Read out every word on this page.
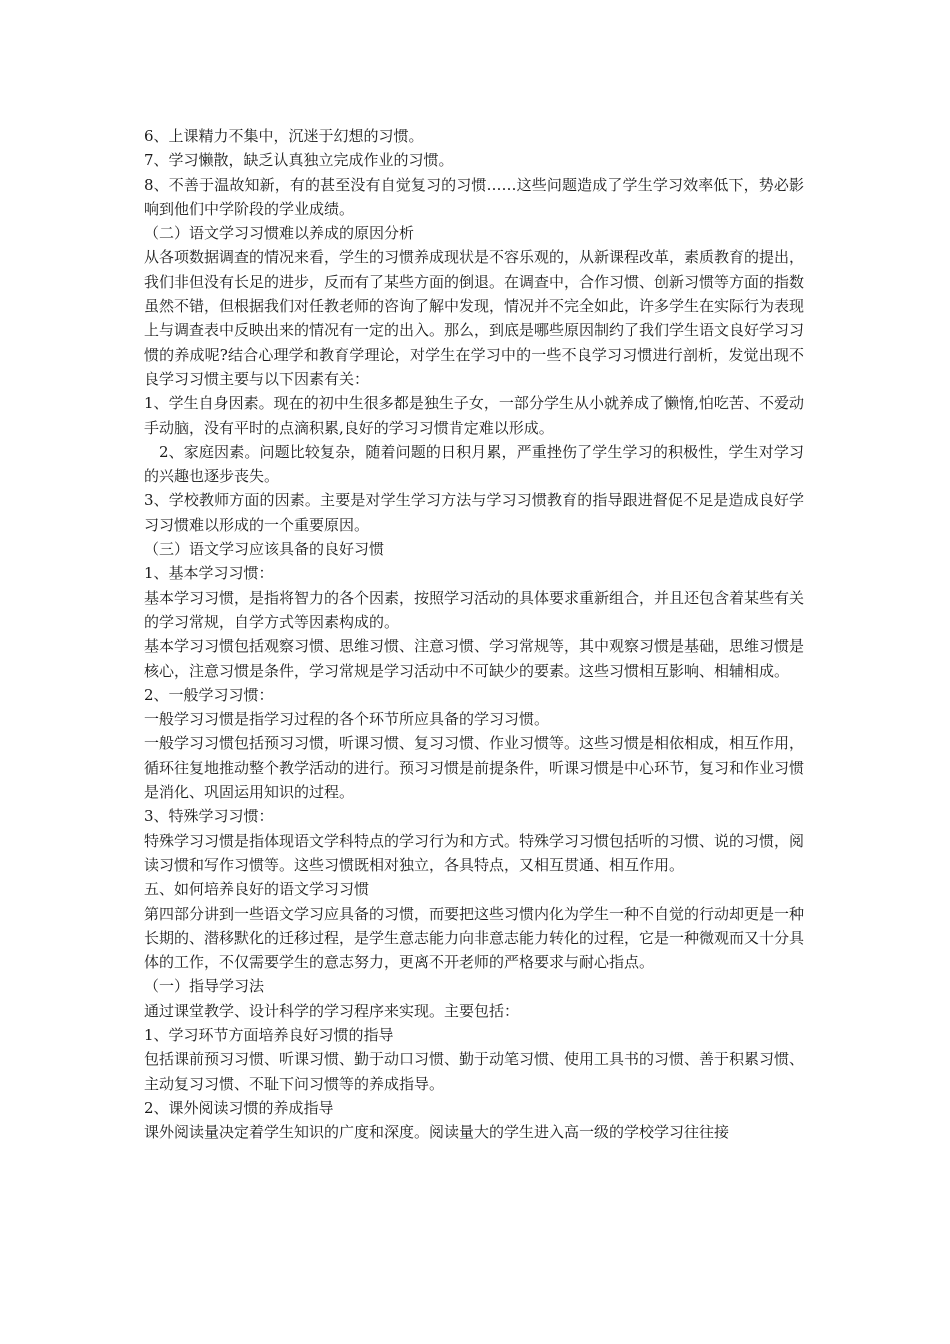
6、上课精力不集中，沉迷于幻想的习惯。

7、学习懒散，缺乏认真独立完成作业的习惯。

8、不善于温故知新，有的甚至没有自觉复习的习惯……这些问题造成了学生学习效率低下，势必影响到他们中学阶段的学业成绩。

（二）语文学习习惯难以养成的原因分析

从各项数据调查的情况来看，学生的习惯养成现状是不容乐观的，从新课程改革，素质教育的提出，我们非但没有长足的进步，反而有了某些方面的倒退。在调查中，合作习惯、创新习惯等方面的指数虽然不错，但根据我们对任教老师的咨询了解中发现，情况并不完全如此，许多学生在实际行为表现上与调查表中反映出来的情况有一定的出入。那么，到底是哪些原因制约了我们学生语文良好学习习惯的养成呢?结合心理学和教育学理论，对学生在学习中的一些不良学习习惯进行剖析，发觉出现不良学习习惯主要与以下因素有关：

1、学生自身因素。现在的初中生很多都是独生子女，一部分学生从小就养成了懒惰,怕吃苦、不爱动手动脑，没有平时的点滴积累,良好的学习习惯肯定难以形成。

2、家庭因素。问题比较复杂，随着问题的日积月累，严重挫伤了学生学习的积极性，学生对学习的兴趣也逐步丧失。

3、学校教师方面的因素。主要是对学生学习方法与学习习惯教育的指导跟进督促不足是造成良好学习习惯难以形成的一个重要原因。

（三）语文学习应该具备的良好习惯

1、基本学习习惯：

基本学习习惯，是指将智力的各个因素，按照学习活动的具体要求重新组合，并且还包含着某些有关的学习常规，自学方式等因素构成的。

基本学习习惯包括观察习惯、思维习惯、注意习惯、学习常规等，其中观察习惯是基础，思维习惯是核心，注意习惯是条件，学习常规是学习活动中不可缺少的要素。这些习惯相互影响、相辅相成。

2、一般学习习惯：

一般学习习惯是指学习过程的各个环节所应具备的学习习惯。

一般学习习惯包括预习习惯，听课习惯、复习习惯、作业习惯等。这些习惯是相依相成，相互作用，循环往复地推动整个教学活动的进行。预习习惯是前提条件，听课习惯是中心环节，复习和作业习惯是消化、巩固运用知识的过程。

3、特殊学习习惯：

特殊学习习惯是指体现语文学科特点的学习行为和方式。特殊学习习惯包括听的习惯、说的习惯，阅读习惯和写作习惯等。这些习惯既相对独立，各具特点，又相互贯通、相互作用。

五、如何培养良好的语文学习习惯

第四部分讲到一些语文学习应具备的习惯，而要把这些习惯内化为学生一种不自觉的行动却更是一种长期的、潜移默化的迁移过程，是学生意志能力向非意志能力转化的过程，它是一种微观而又十分具体的工作，不仅需要学生的意志努力，更离不开老师的严格要求与耐心指点。

（一）指导学习法

通过课堂教学、设计科学的学习程序来实现。主要包括：

1、学习环节方面培养良好习惯的指导

包括课前预习习惯、听课习惯、勤于动口习惯、勤于动笔习惯、使用工具书的习惯、善于积累习惯、主动复习习惯、不耻下问习惯等的养成指导。

2、课外阅读习惯的养成指导

课外阅读量决定着学生知识的广度和深度。阅读量大的学生进入高一级的学校学习往往接
